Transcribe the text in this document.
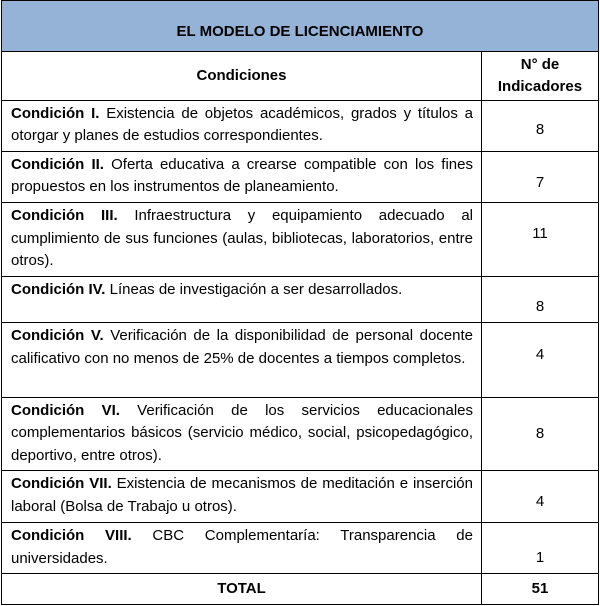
EL MODELO DE LICENCIAMIENTO	
Condiciones	N° de
Indicadores

Condición I. Existencia de objetos académicos, grados y títulos a otorgar y planes de estudios correspondientes.	8
Condición II. Oferta educativa a crearse compatible con los fines propuestos en los instrumentos de planeamiento.	7
Condición III. Infraestructura y equipamiento adecuado al cumplimiento de sus funciones (aulas, bibliotecas, laboratorios, entre otros).	11
Condición IV. Líneas de investigación a ser desarrollados.	8
Condición V. Verificación de la disponibilidad de personal docente calificativo con no menos de 25% de docentes a tiempos completos.	4
Condición VI. Verificación de los servicios educacionales complementarios básicos (servicio médico, social, psicopedagógico, deportivo, entre otros).	8
Condición VII. Existencia de mecanismos de meditación e inserción laboral (Bolsa de Trabajo u otros).	4
Condición VIII. CBC Complementaría: Transparencia de universidades.	1
TOTAL	51
